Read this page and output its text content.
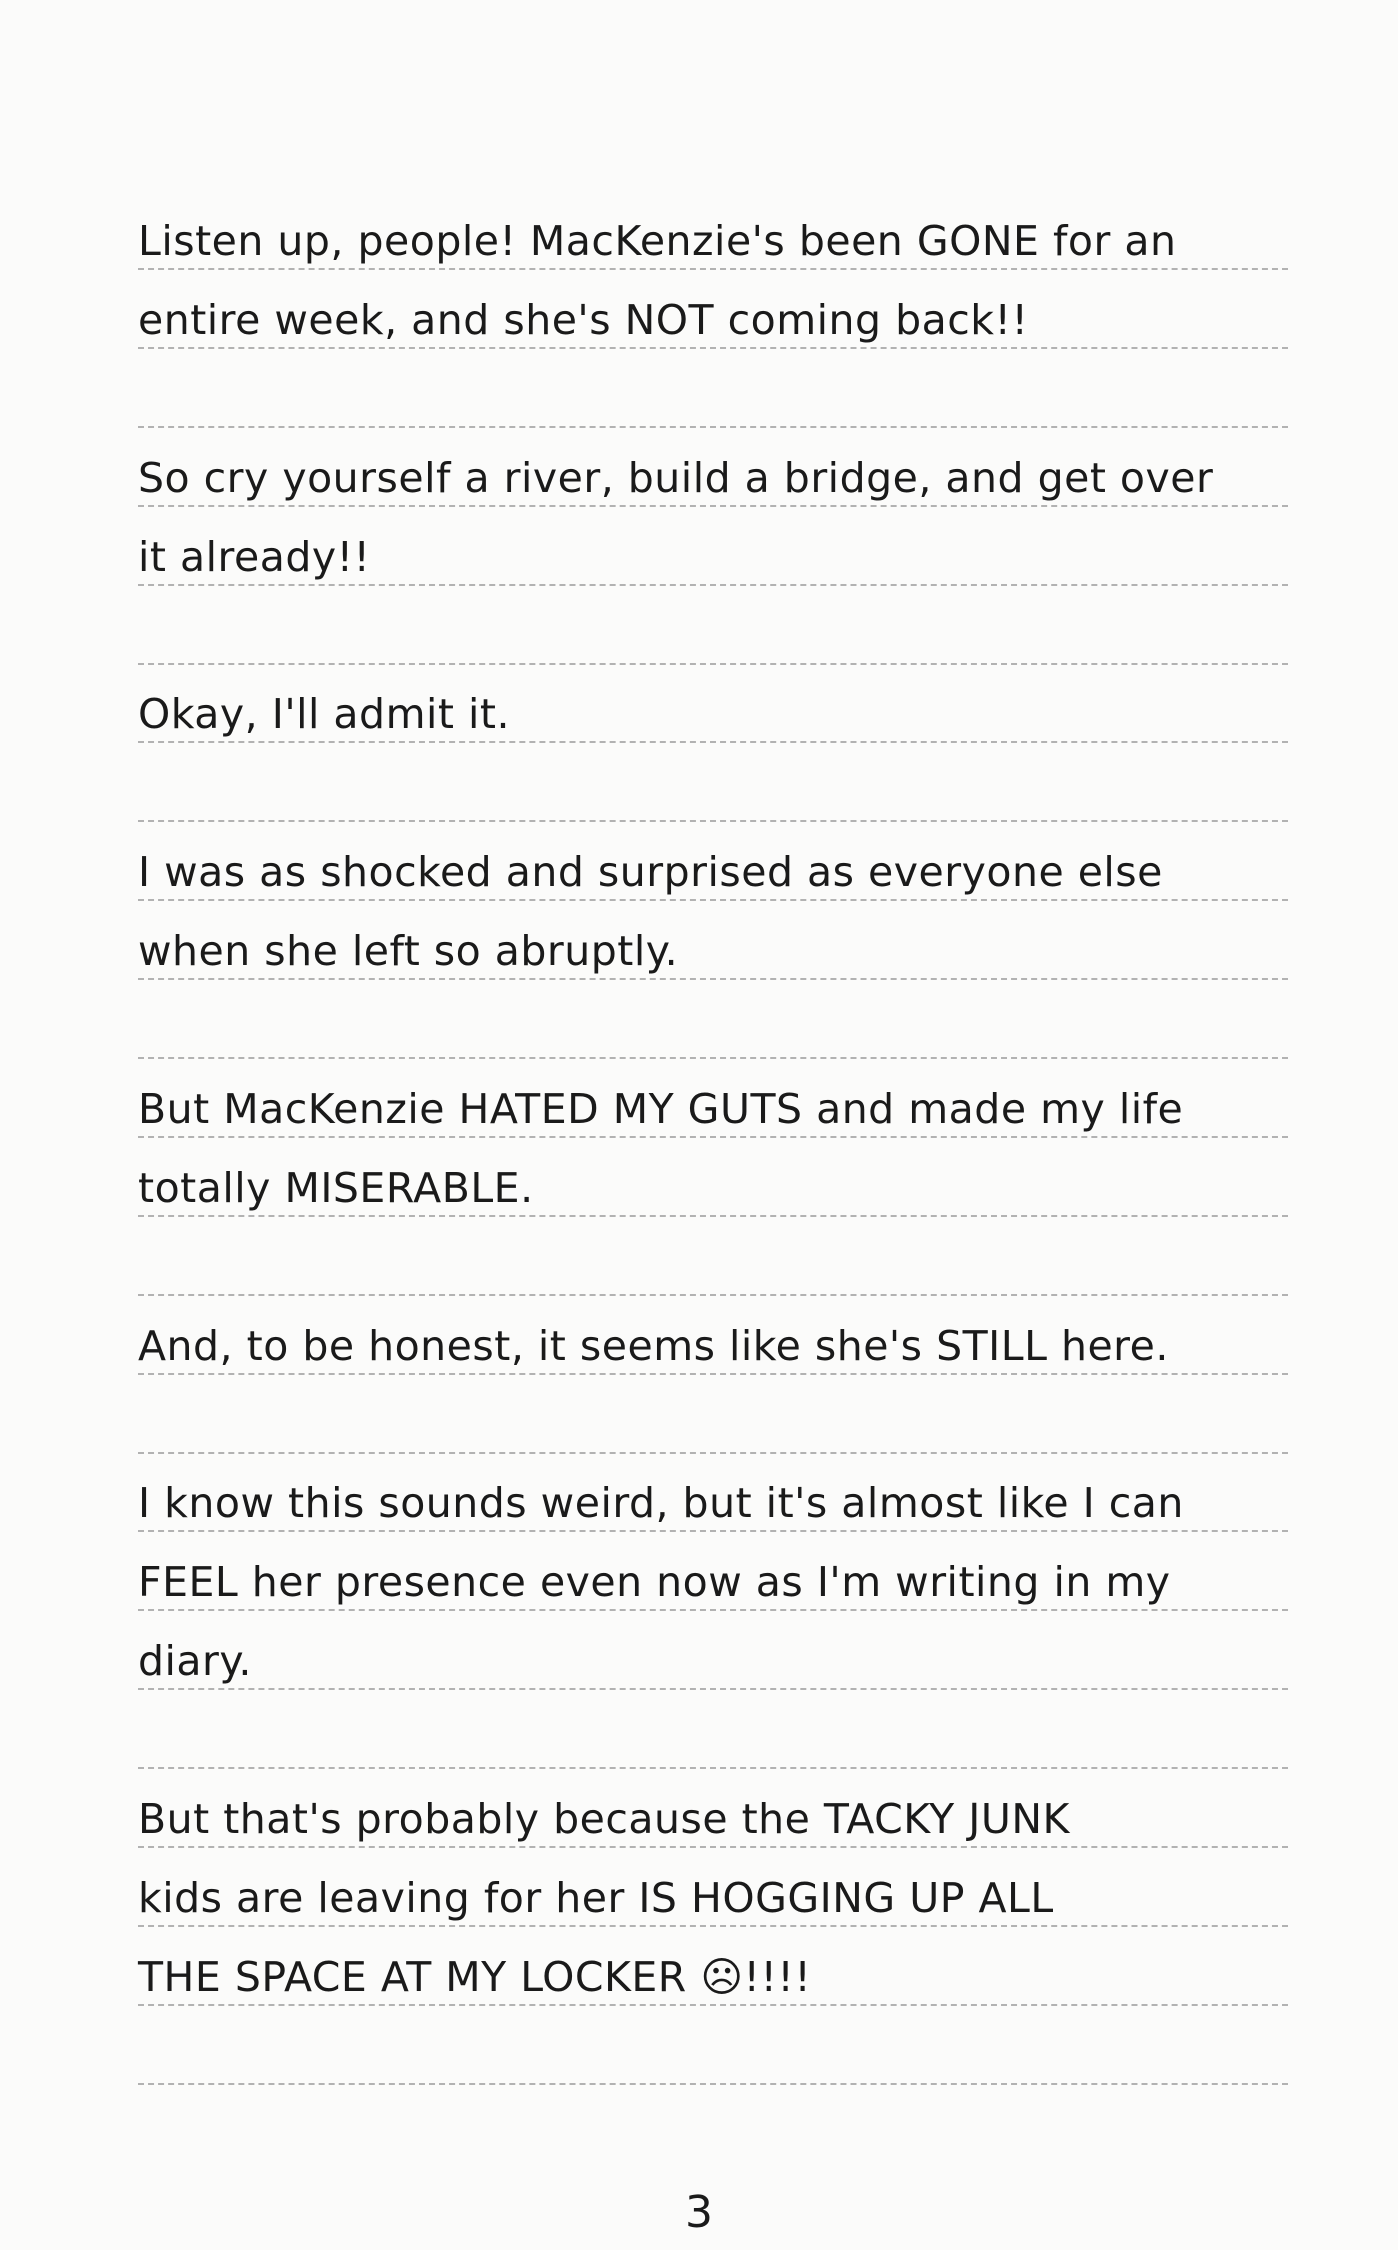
Listen up, people! MacKenzie's been GONE for an
entire week, and she's NOT coming back!!
So cry yourself a river, build a bridge, and get over
it already!!
Okay, I'll admit it.
I was as shocked and surprised as everyone else
when she left so abruptly.
But MacKenzie HATED MY GUTS and made my life
totally MISERABLE.
And, to be honest, it seems like she's STILL here.
I know this sounds weird, but it's almost like I can
FEEL her presence even now as I'm writing in my
diary.
But that's probably because the TACKY JUNK
kids are leaving for her IS HOGGING UP ALL
THE SPACE AT MY LOCKER ☹!!!!
3
